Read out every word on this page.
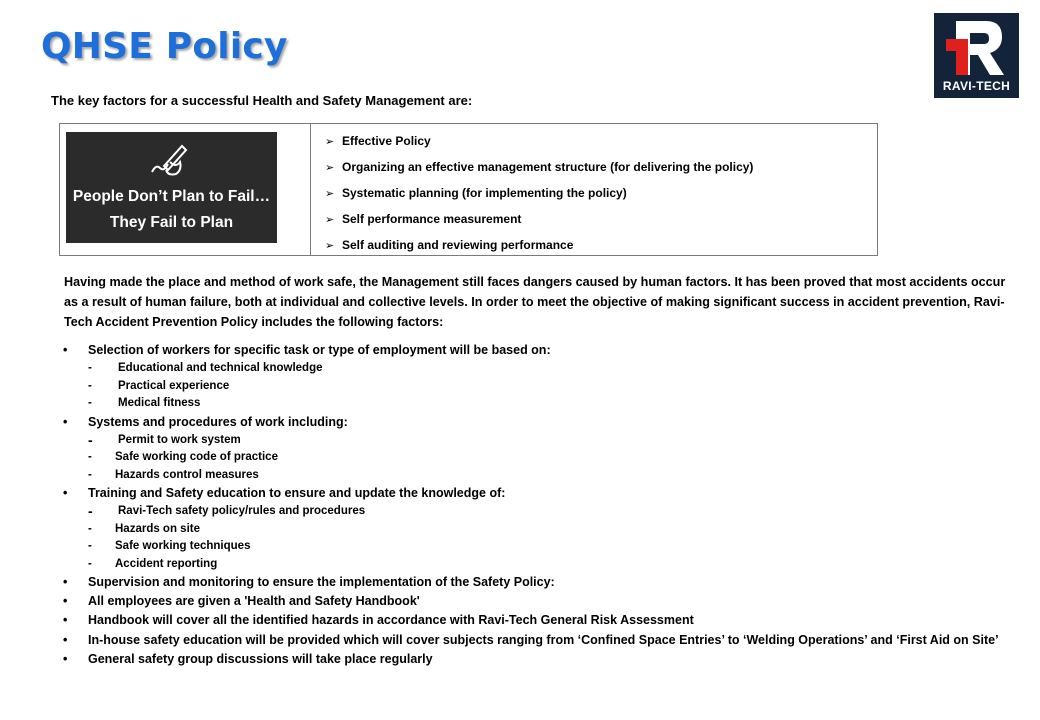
QHSE Policy
RAVI-TECH
The key factors for a successful Health and Safety Management are:
People Don’t Plan to Fail…
They Fail to Plan
➢ Effective Policy
➢ Organizing an effective management structure (for delivering the policy)
➢ Systematic planning (for implementing the policy)
➢ Self performance measurement
➢ Self auditing and reviewing performance
Having made the place and method of work safe, the Management still faces dangers caused by human factors. It has been proved that most accidents occur as a result of human failure, both at individual and collective levels. In order to meet the objective of making significant success in accident prevention, Ravi-Tech Accident Prevention Policy includes the following factors:
• Selection of workers for specific task or type of employment will be based on:
- Educational and technical knowledge
- Practical experience
- Medical fitness
• Systems and procedures of work including:
- Permit to work system
- Safe working code of practice
- Hazards control measures
• Training and Safety education to ensure and update the knowledge of:
- Ravi-Tech safety policy/rules and procedures
- Hazards on site
- Safe working techniques
- Accident reporting
• Supervision and monitoring to ensure the implementation of the Safety Policy:
• All employees are given a 'Health and Safety Handbook'
• Handbook will cover all the identified hazards in accordance with Ravi-Tech General Risk Assessment
• In-house safety education will be provided which will cover subjects ranging from ‘Confined Space Entries’ to ‘Welding Operations’ and ‘First Aid on Site’
• General safety group discussions will take place regularly
